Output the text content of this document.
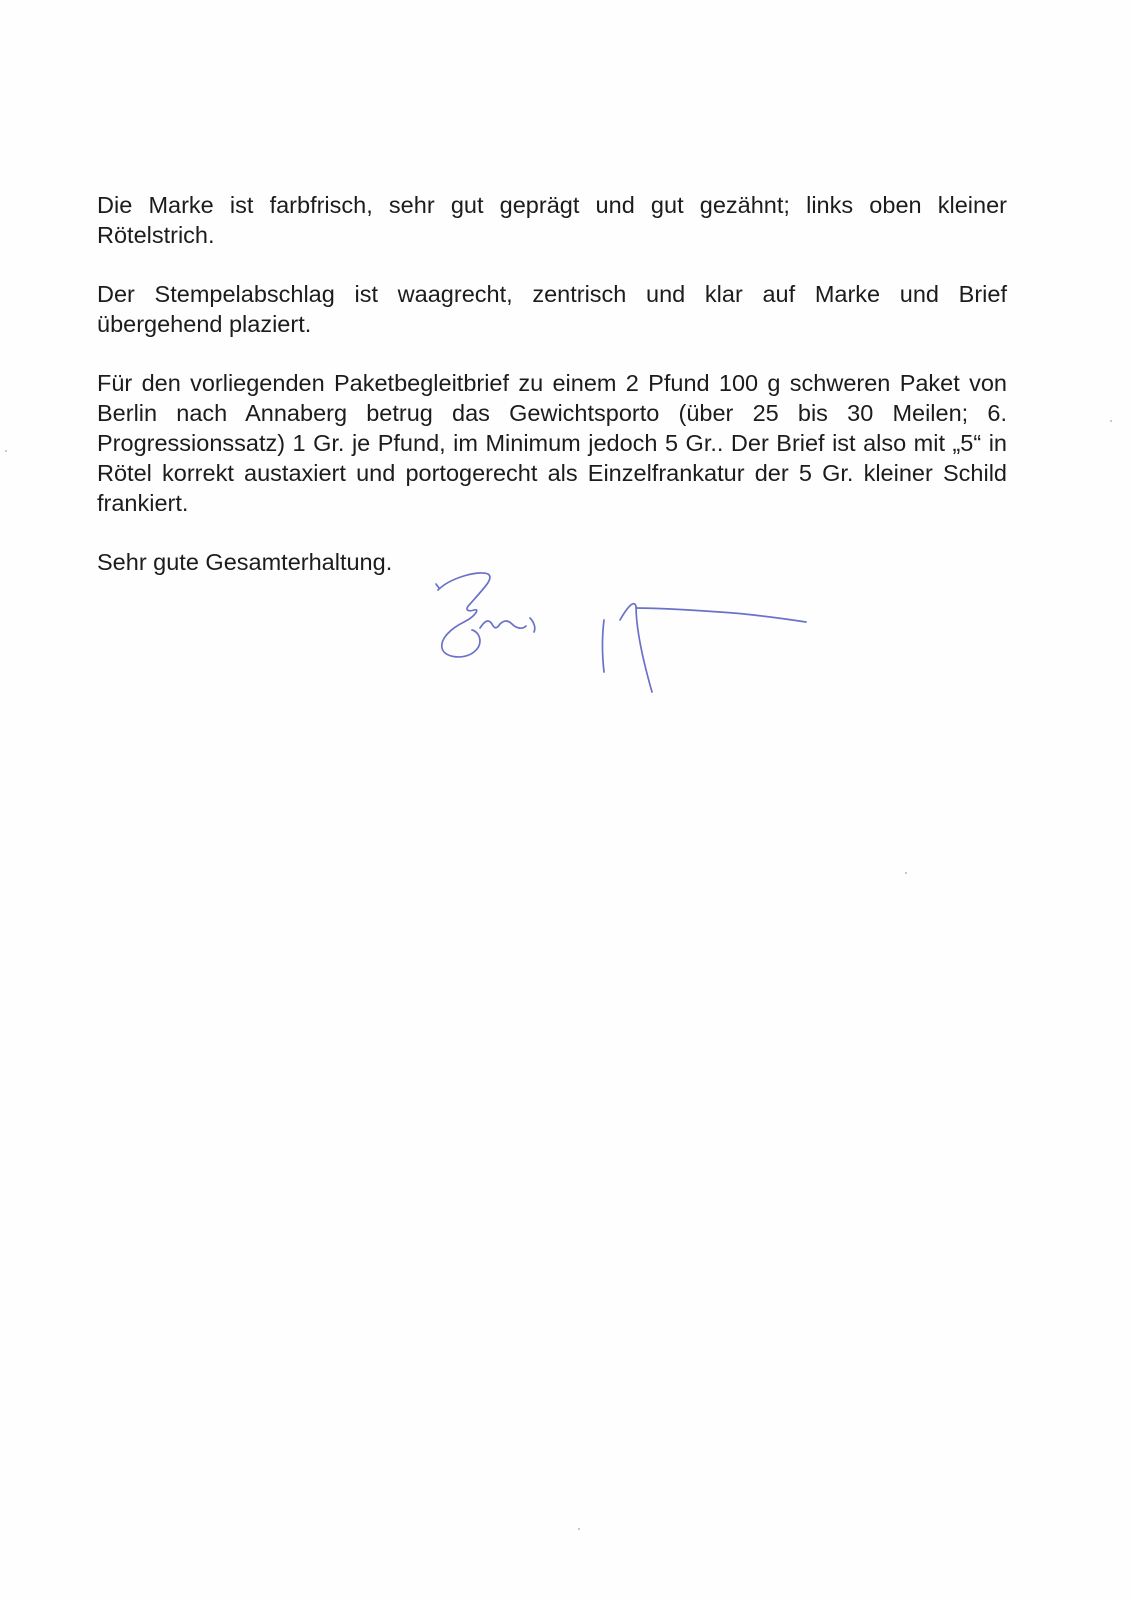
Die Marke ist farbfrisch, sehr gut geprägt und gut gezähnt; links oben kleiner Rötelstrich.

Der Stempelabschlag ist waagrecht, zentrisch und klar auf Marke und Brief übergehend plaziert.

Für den vorliegenden Paketbegleitbrief zu einem 2 Pfund 100 g schweren Paket von Berlin nach Annaberg betrug das Gewichtsporto (über 25 bis 30 Meilen; 6. Progressionssatz) 1 Gr. je Pfund, im Minimum jedoch 5 Gr.. Der Brief ist also mit „5“ in Rötel korrekt austaxiert und portogerecht als Einzelfrankatur der 5 Gr. kleiner Schild frankiert.

Sehr gute Gesamterhaltung.
